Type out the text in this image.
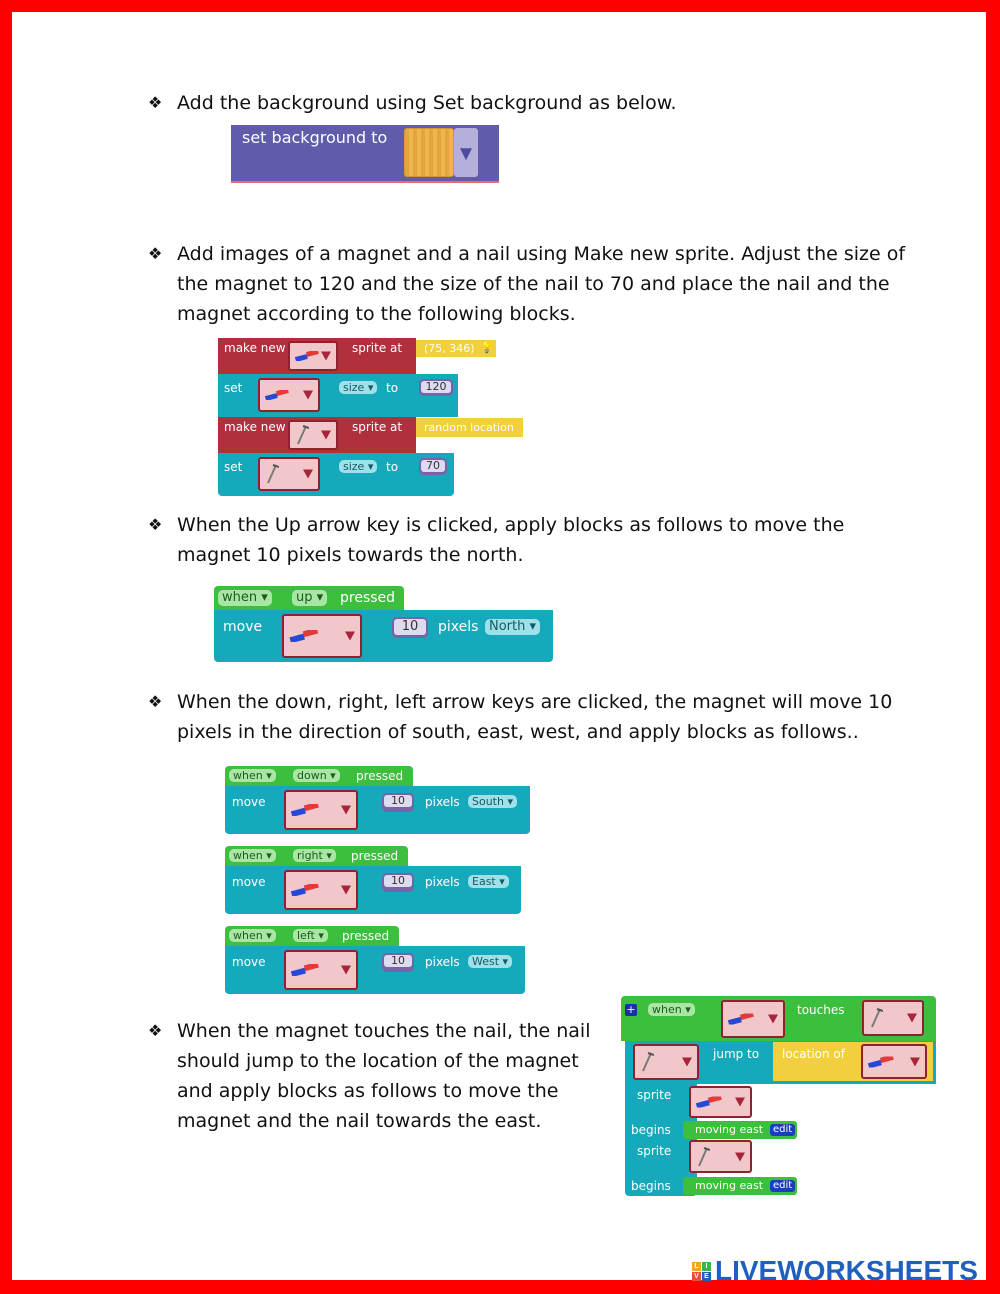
❖ Add the background using Set background as below.
set background to
❖ Add images of a magnet and a nail using Make new sprite. Adjust the size of
the magnet to 120 and the size of the nail to 70 and place the nail and the
magnet according to the following blocks.
make new	sprite at (75, 346) 💡
set	size ▾	to	120
make new	sprite at random location
set	size ▾	to	70
❖ When the Up arrow key is clicked, apply blocks as follows to move the
magnet 10 pixels towards the north.
when ▾	up ▾ pressed
move	10	pixels North ▾
❖ When the down, right, left arrow keys are clicked, the magnet will move 10
pixels in the direction of south, east, west, and apply blocks as follows..
when ▾	down ▾	pressed
move	10	pixels	South ▾
when ▾	right ▾	pressed
move	10	pixels	East ▾
when ▾	left ▾	pressed
move	10	pixels	West ▾
❖ When the magnet touches the nail, the nail
should jump to the location of the magnet
and apply blocks as follows to move the
magnet and the nail towards the east.
+	when ▾	touches
jump to location of
sprite
begins moving east edit
sprite
begins moving east edit
L I
V E LIVEWORKSHEETS
